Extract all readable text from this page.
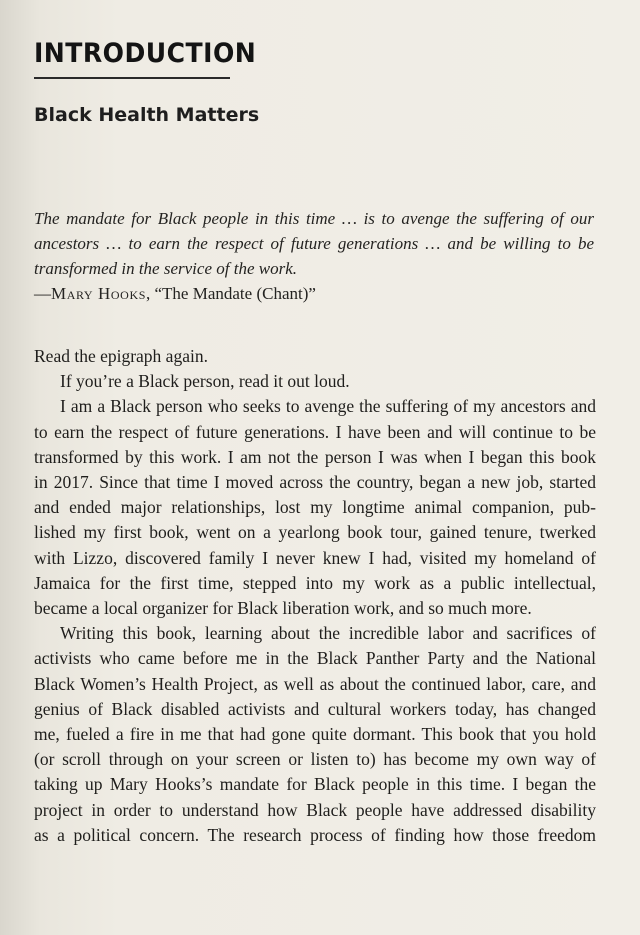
INTRODUCTION
Black Health Matters
The mandate for Black people in this time … is to avenge the suffering of our
ancestors … to earn the respect of future generations … and be willing to be
transformed in the service of the work.
—Mary Hooks, “The Mandate (Chant)”
Read the epigraph again.
If you’re a Black person, read it out loud.
I am a Black person who seeks to avenge the suffering of my ancestors and
to earn the respect of future generations. I have been and will continue to be
transformed by this work. I am not the person I was when I began this book
in 2017. Since that time I moved across the country, began a new job, started
and ended major relationships, lost my longtime animal companion, pub-
lished my first book, went on a yearlong book tour, gained tenure, twerked
with Lizzo, discovered family I never knew I had, visited my homeland of
Jamaica for the first time, stepped into my work as a public intellectual,
became a local organizer for Black liberation work, and so much more.
Writing this book, learning about the incredible labor and sacrifices of
activists who came before me in the Black Panther Party and the National
Black Women’s Health Project, as well as about the continued labor, care, and
genius of Black disabled activists and cultural workers today, has changed
me, fueled a fire in me that had gone quite dormant. This book that you hold
(or scroll through on your screen or listen to) has become my own way of
taking up Mary Hooks’s mandate for Black people in this time. I began the
project in order to understand how Black people have addressed disability
as a political concern. The research process of finding how those freedom
